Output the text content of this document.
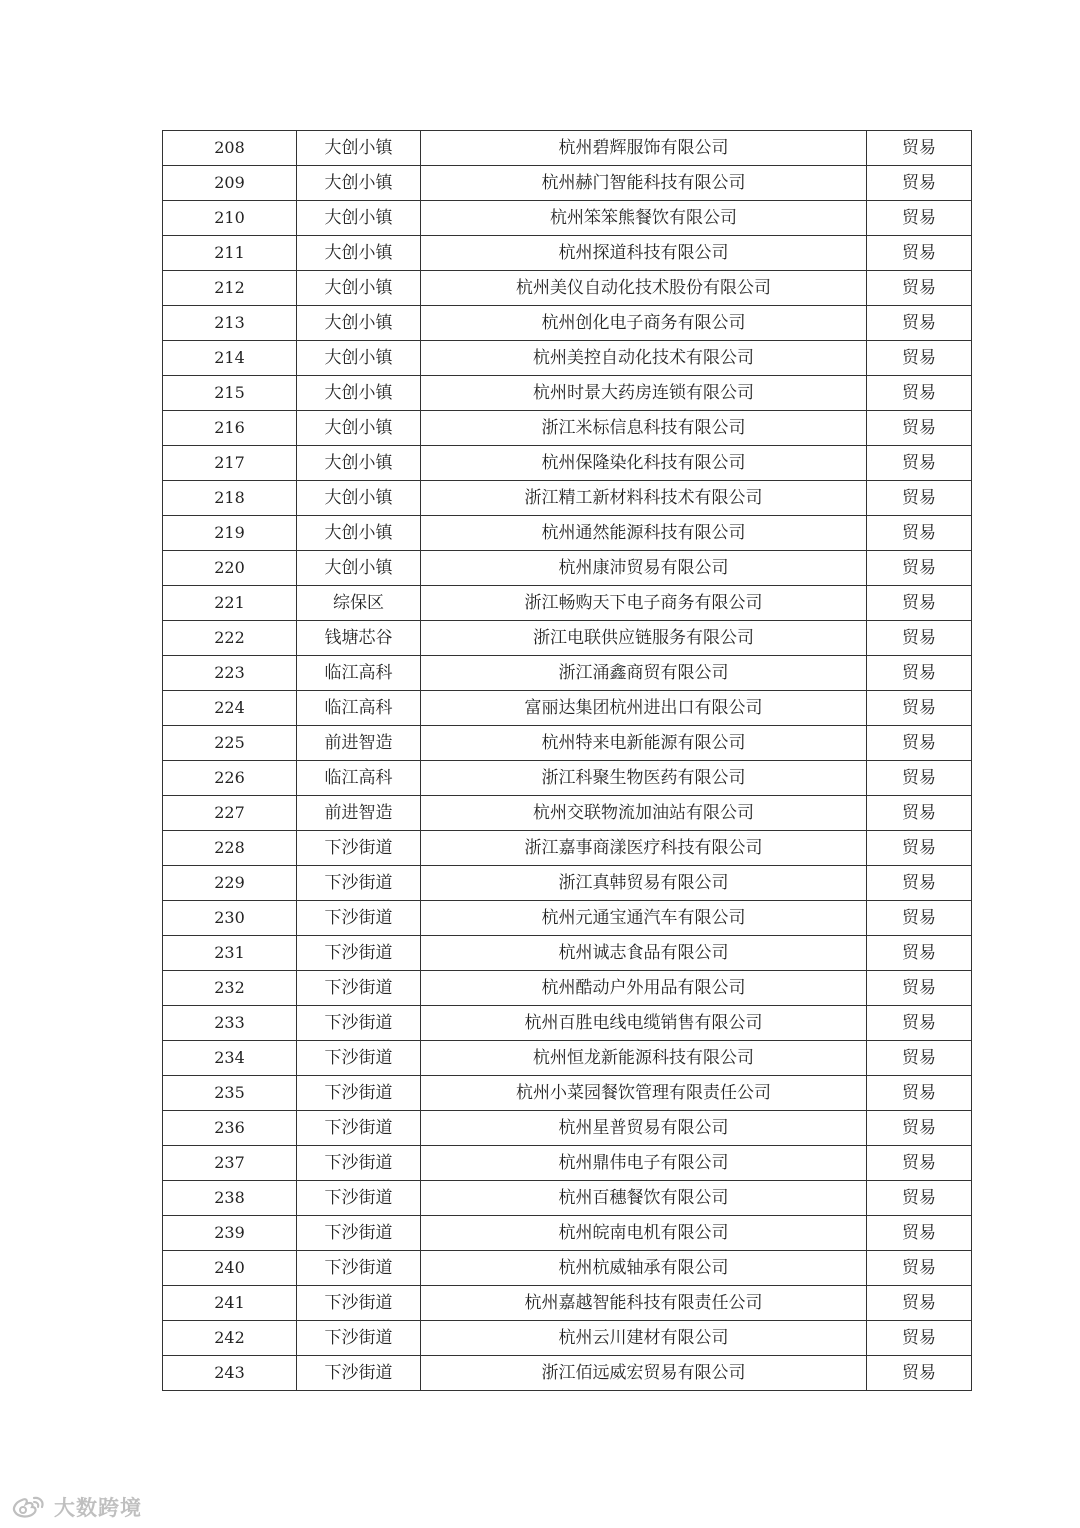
208	大创小镇	杭州碧辉服饰有限公司	贸易
209	大创小镇	杭州赫门智能科技有限公司	贸易
210	大创小镇	杭州笨笨熊餐饮有限公司	贸易
211	大创小镇	杭州探道科技有限公司	贸易
212	大创小镇	杭州美仪自动化技术股份有限公司	贸易
213	大创小镇	杭州创化电子商务有限公司	贸易
214	大创小镇	杭州美控自动化技术有限公司	贸易
215	大创小镇	杭州时景大药房连锁有限公司	贸易
216	大创小镇	浙江米标信息科技有限公司	贸易
217	大创小镇	杭州保隆染化科技有限公司	贸易
218	大创小镇	浙江精工新材料科技术有限公司	贸易
219	大创小镇	杭州通然能源科技有限公司	贸易
220	大创小镇	杭州康沛贸易有限公司	贸易
221	综保区	浙江畅购天下电子商务有限公司	贸易
222	钱塘芯谷	浙江电联供应链服务有限公司	贸易
223	临江高科	浙江涌鑫商贸有限公司	贸易
224	临江高科	富丽达集团杭州进出口有限公司	贸易
225	前进智造	杭州特来电新能源有限公司	贸易
226	临江高科	浙江科聚生物医药有限公司	贸易
227	前进智造	杭州交联物流加油站有限公司	贸易
228	下沙街道	浙江嘉事商漾医疗科技有限公司	贸易
229	下沙街道	浙江真韩贸易有限公司	贸易
230	下沙街道	杭州元通宝通汽车有限公司	贸易
231	下沙街道	杭州诚志食品有限公司	贸易
232	下沙街道	杭州酷动户外用品有限公司	贸易
233	下沙街道	杭州百胜电线电缆销售有限公司	贸易
234	下沙街道	杭州恒龙新能源科技有限公司	贸易
235	下沙街道	杭州小菜园餐饮管理有限责任公司	贸易
236	下沙街道	杭州星普贸易有限公司	贸易
237	下沙街道	杭州鼎伟电子有限公司	贸易
238	下沙街道	杭州百穗餐饮有限公司	贸易
239	下沙街道	杭州皖南电机有限公司	贸易
240	下沙街道	杭州杭威轴承有限公司	贸易
241	下沙街道	杭州嘉越智能科技有限责任公司	贸易
242	下沙街道	杭州云川建材有限公司	贸易
243	下沙街道	浙江佰远威宏贸易有限公司	贸易
大数跨境
